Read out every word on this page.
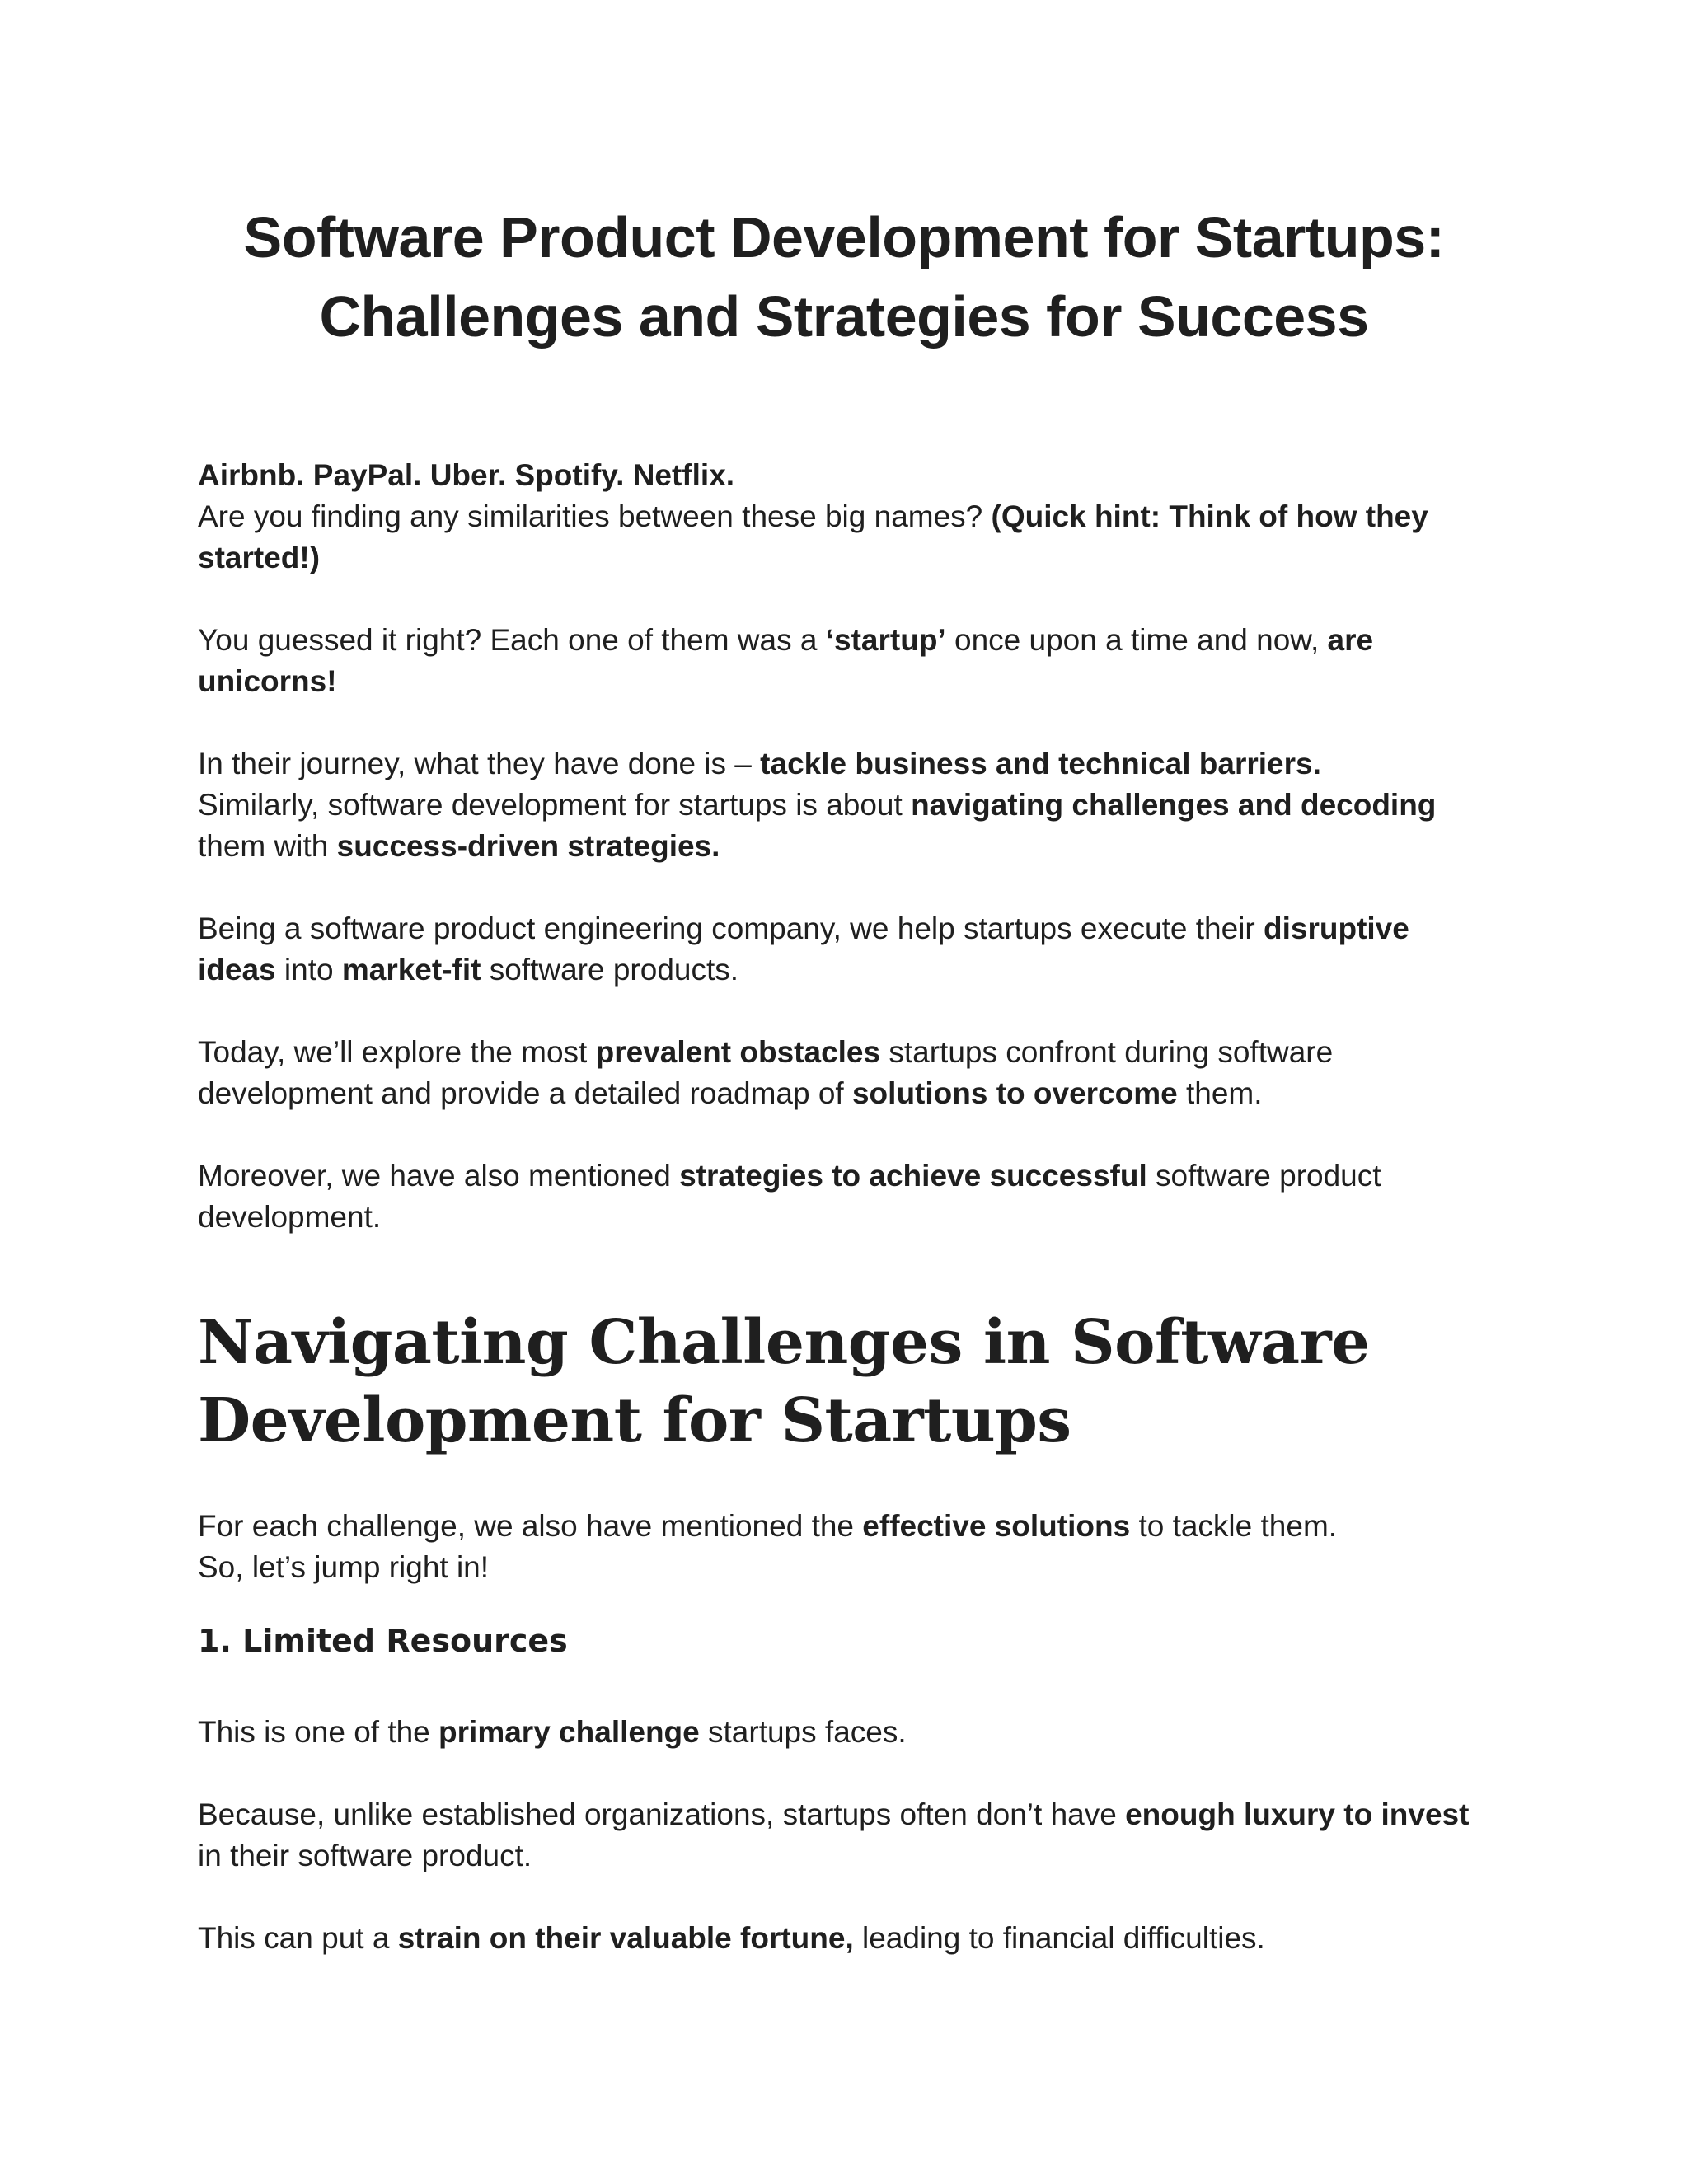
Software Product Development for Startups:
Challenges and Strategies for Success

Airbnb. PayPal. Uber. Spotify. Netflix.
Are you finding any similarities between these big names? (Quick hint: Think of how they started!)

You guessed it right? Each one of them was a ‘startup’ once upon a time and now, are unicorns!

In their journey, what they have done is – tackle business and technical barriers.
Similarly, software development for startups is about navigating challenges and decoding them with success-driven strategies.

Being a software product engineering company, we help startups execute their disruptive ideas into market-fit software products.

Today, we’ll explore the most prevalent obstacles startups confront during software development and provide a detailed roadmap of solutions to overcome them.

Moreover, we have also mentioned strategies to achieve successful software product development.

Navigating Challenges in Software
Development for Startups

For each challenge, we also have mentioned the effective solutions to tackle them.
So, let’s jump right in!

1. Limited Resources

This is one of the primary challenge startups faces.

Because, unlike established organizations, startups often don’t have enough luxury to invest in their software product.

This can put a strain on their valuable fortune, leading to financial difficulties.
